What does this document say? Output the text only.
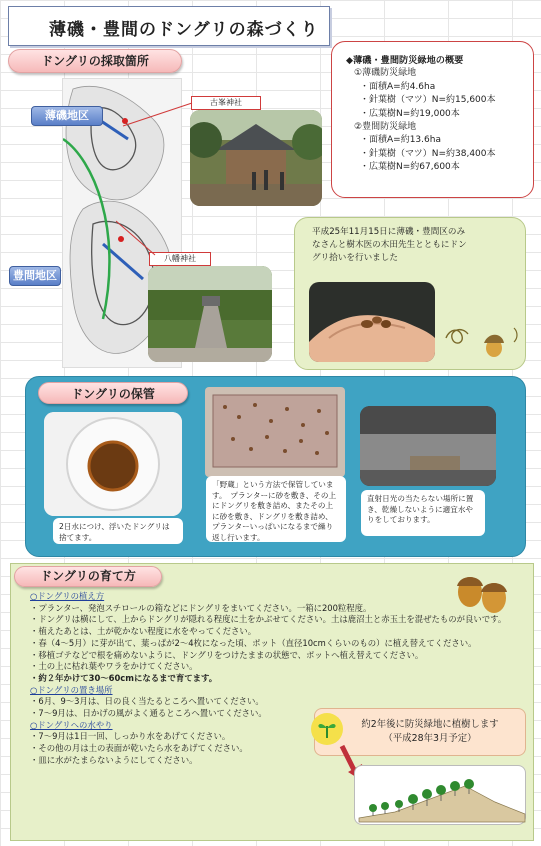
薄磯・豊間のドングリの森づくり
ドングリの採取箇所
薄磯地区
豊間地区
古峯神社
八幡神社
◆薄磯・豊間防災緑地の概要
①薄磯防災緑地
・面積A=約4.6ha
・針葉樹（マツ）N=約15,600本
・広葉樹N=約19,000本
②豊間防災緑地
・面積A=約13.6ha
・針葉樹（マツ）N=約38,400本
・広葉樹N=約67,600本
平成25年11月15日に薄磯・豊間区のみなさんと樹木医の木田先生とともにドングリ拾いを行いました
ドングリの保管
2日水につけ、浮いたドングリは捨てます。
「野蔵」という方法で保管しています。　プランターに砂を敷き、その上にドングリを敷き詰め、またその上に砂を敷き、ドングリを敷き詰め、プランターいっぱいになるまで繰り返し行います。
直射日光の当たらない場所に置き、乾燥しないように適宜水やりをしております。
ドングリの育て方
○ドングリの植え方
・プランター、発泡スチロールの箱などにドングリをまいてください。一箱に200粒程度。
・ドングリは横にして、上からドングリが隠れる程度に土をかぶせてください。土は鹿沼土と赤玉土を混ぜたものが良いです。
・植えたあとは、土が乾かない程度に水をやってください。
・春（4～5月）に芽が出て、葉っぱが2～4枚になった頃、ポット（直径10cmくらいのもの）に植え替えてください。
・移植ゴテなどで根を痛めないように、ドングリをつけたままの状態で、ポットへ植え替えてください。
・土の上に枯れ葉やワラをかけてください。
・約２年かけて30～60cmになるまで育てます。
○ドングリの置き場所
・6月、9～3月は、日の良く当たるところへ置いてください。
・7～9月は、日かげの風がよく通るところへ置いてください。
○ドングリへの水やり
・7～9月は1日一回、しっかり水をあげてください。
・その他の月は土の表面が乾いたら水をあげてください。
・皿に水がたまらないようにしてください。
約2年後に防災緑地に植樹します
（平成28年3月予定）
